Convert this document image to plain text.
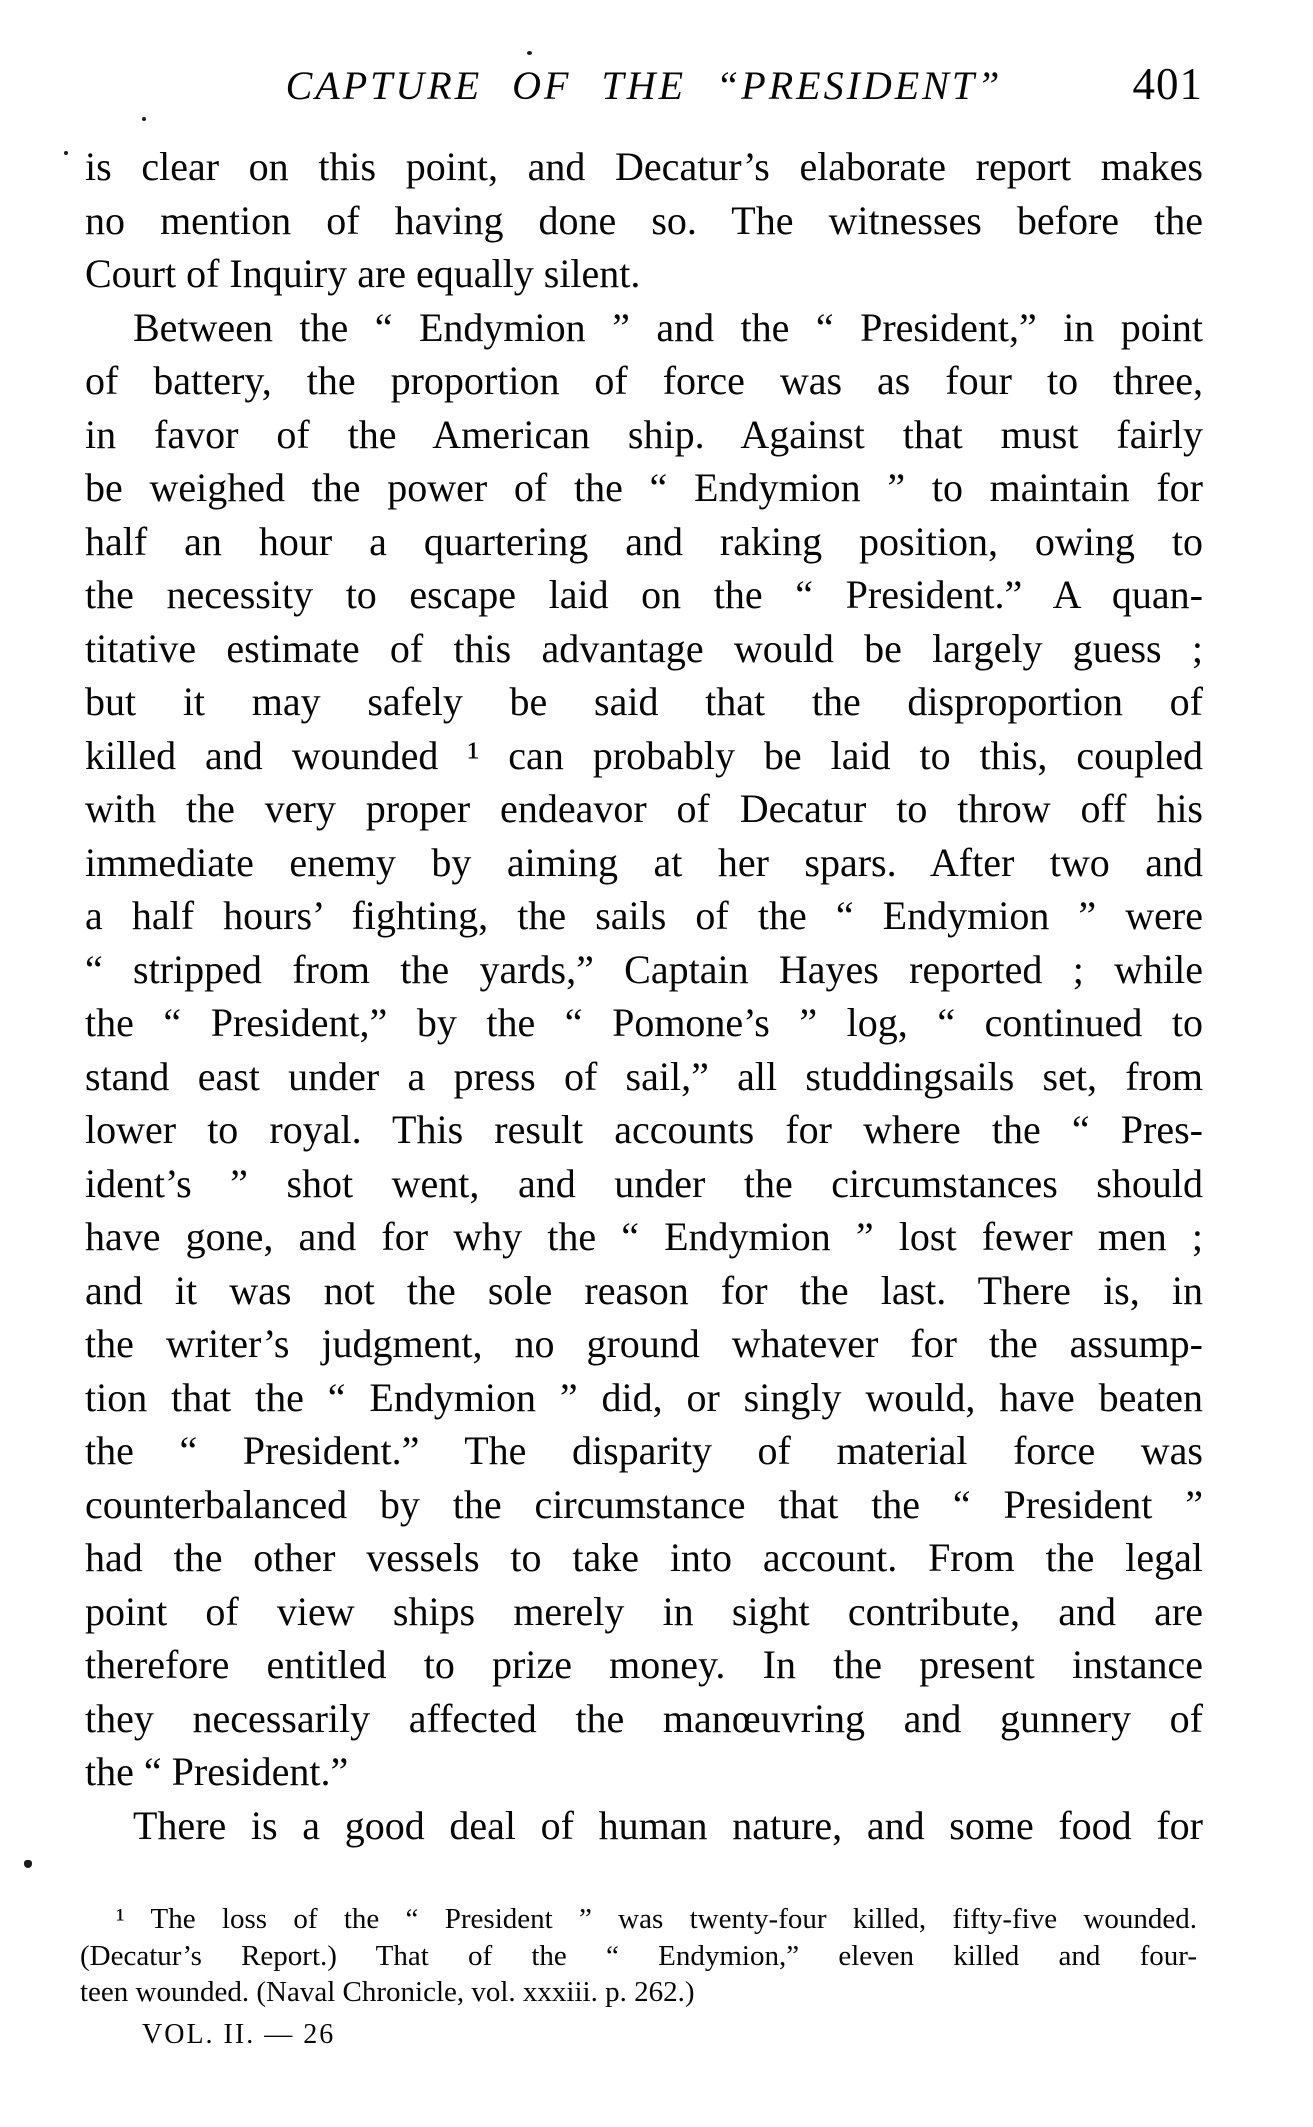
CAPTURE OF THE “PRESIDENT”	401
is clear on this point, and Decatur’s elaborate report makes
no mention of having done so. The witnesses before the
Court of Inquiry are equally silent.
Between the “ Endymion ” and the “ President,” in point
of battery, the proportion of force was as four to three,
in favor of the American ship. Against that must fairly
be weighed the power of the “ Endymion ” to maintain for
half an hour a quartering and raking position, owing to
the necessity to escape laid on the “ President.” A quan-
titative estimate of this advantage would be largely guess ;
but it may safely be said that the disproportion of
killed and wounded ¹ can probably be laid to this, coupled
with the very proper endeavor of Decatur to throw off his
immediate enemy by aiming at her spars. After two and
a half hours’ fighting, the sails of the “ Endymion ” were
“ stripped from the yards,” Captain Hayes reported ; while
the “ President,” by the “ Pomone’s ” log, “ continued to
stand east under a press of sail,” all studdingsails set, from
lower to royal. This result accounts for where the “ Pres-
ident’s ” shot went, and under the circumstances should
have gone, and for why the “ Endymion ” lost fewer men ;
and it was not the sole reason for the last. There is, in
the writer’s judgment, no ground whatever for the assump-
tion that the “ Endymion ” did, or singly would, have beaten
the “ President.” The disparity of material force was
counterbalanced by the circumstance that the “ President ”
had the other vessels to take into account. From the legal
point of view ships merely in sight contribute, and are
therefore entitled to prize money. In the present instance
they necessarily affected the manœuvring and gunnery of
the “ President.”
There is a good deal of human nature, and some food for
¹ The loss of the “ President ” was twenty-four killed, fifty-five wounded.
(Decatur’s Report.) That of the “ Endymion,” eleven killed and four-
teen wounded. (Naval Chronicle, vol. xxxiii. p. 262.)
VOL. II. — 26
